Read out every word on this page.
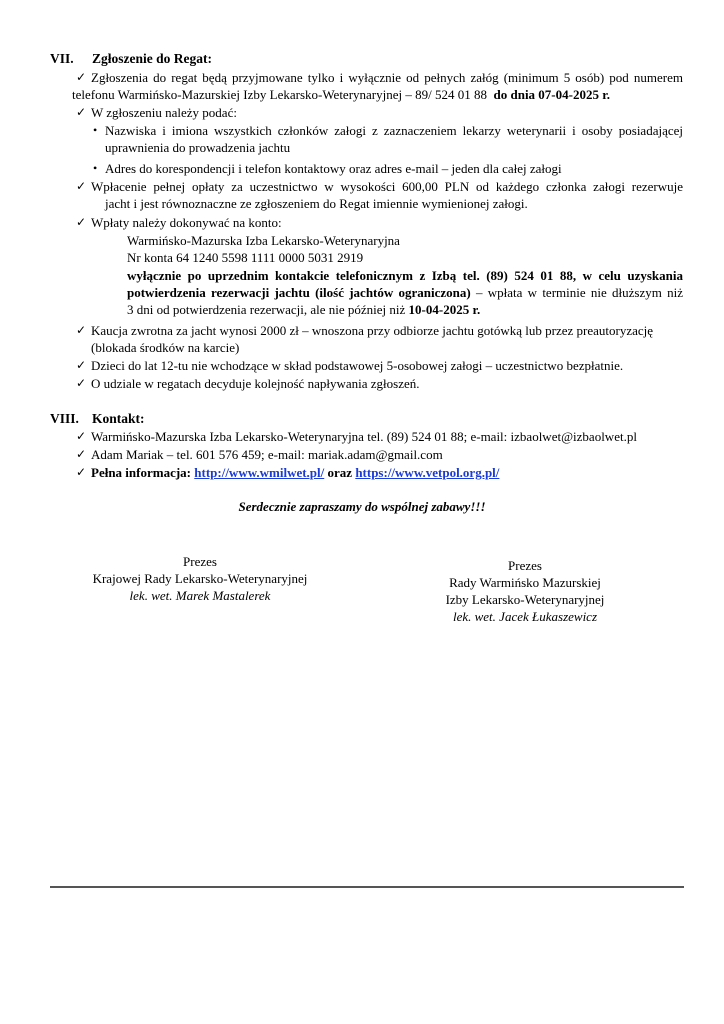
VII. Zgłoszenie do Regat:
✓ Zgłoszenia do regat będą przyjmowane tylko i wyłącznie od pełnych załóg (minimum 5 osób) pod numerem
telefonu Warmińsko-Mazurskiej Izby Lekarsko-Weterynaryjnej – 89/ 524 01 88 do dnia 07-04-2025 r.
✓ W zgłoszeniu należy podać:
• Nazwiska i imiona wszystkich członków załogi z zaznaczeniem lekarzy weterynarii i osoby posiadającej
uprawnienia do prowadzenia jachtu
• Adres do korespondencji i telefon kontaktowy oraz adres e-mail – jeden dla całej załogi
✓ Wpłacenie pełnej opłaty za uczestnictwo w wysokości 600,00 PLN od każdego członka załogi rezerwuje
jacht i jest równoznaczne ze zgłoszeniem do Regat imiennie wymienionej załogi.
✓ Wpłaty należy dokonywać na konto:
Warmińsko-Mazurska Izba Lekarsko-Weterynaryjna
Nr konta 64 1240 5598 1111 0000 5031 2919
wyłącznie po uprzednim kontakcie telefonicznym z Izbą tel. (89) 524 01 88, w celu uzyskania
potwierdzenia rezerwacji jachtu (ilość jachtów ograniczona) – wpłata w terminie nie dłuższym niż
3 dni od potwierdzenia rezerwacji, ale nie później niż 10-04-2025 r.
✓ Kaucja zwrotna za jacht wynosi 2000 zł – wnoszona przy odbiorze jachtu gotówką lub przez preautoryzację
(blokada środków na karcie)
✓ Dzieci do lat 12-tu nie wchodzące w skład podstawowej 5-osobowej załogi – uczestnictwo bezpłatnie.
✓ O udziale w regatach decyduje kolejność napływania zgłoszeń.
VIII. Kontakt:
✓ Warmińsko-Mazurska Izba Lekarsko-Weterynaryjna tel. (89) 524 01 88; e-mail: izbaolwet@izbaolwet.pl
✓ Adam Mariak – tel. 601 576 459; e-mail: mariak.adam@gmail.com
✓ Pełna informacja: http://www.wmilwet.pl/ oraz https://www.vetpol.org.pl/
Serdecznie zapraszamy do wspólnej zabawy!!!
Prezes
Krajowej Rady Lekarsko-Weterynaryjnej
lek. wet. Marek Mastalerek
Prezes
Rady Warmińsko Mazurskiej
Izby Lekarsko-Weterynaryjnej
lek. wet. Jacek Łukaszewicz
